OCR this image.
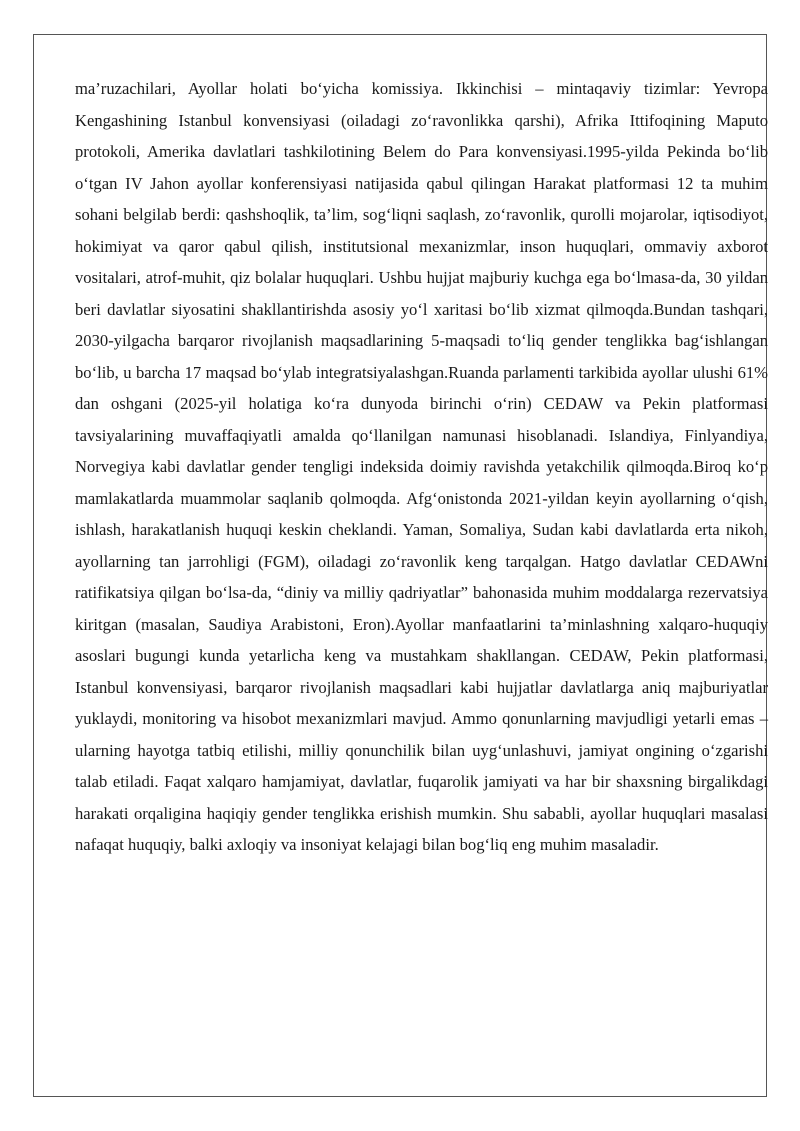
ma’ruzachilari, Ayollar holati bo‘yicha komissiya. Ikkinchisi – mintaqaviy tizimlar: Yevropa Kengashining Istanbul konvensiyasi (oiladagi zo‘ravonlikka qarshi), Afrika Ittifoqining Maputo protokoli, Amerika davlatlari tashkilotining Belem do Para konvensiyasi.1995-yilda Pekinda bo‘lib o‘tgan IV Jahon ayollar konferensiyasi natijasida qabul qilingan Harakat platformasi 12 ta muhim sohani belgilab berdi: qashshoqlik, ta’lim, sog‘liqni saqlash, zo‘ravonlik, qurolli mojarolar, iqtisodiyot, hokimiyat va qaror qabul qilish, institutsional mexanizmlar, inson huquqlari, ommaviy axborot vositalari, atrof-muhit, qiz bolalar huquqlari. Ushbu hujjat majburiy kuchga ega bo‘lmasa-da, 30 yildan beri davlatlar siyosatini shakllantirishda asosiy yo‘l xaritasi bo‘lib xizmat qilmoqda.Bundan tashqari, 2030-yilgacha barqaror rivojlanish maqsadlarining 5-maqsadi to‘liq gender tenglikka bag‘ishlangan bo‘lib, u barcha 17 maqsad bo‘ylab integratsiyalashgan.Ruanda parlamenti tarkibida ayollar ulushi 61% dan oshgani (2025-yil holatiga ko‘ra dunyoda birinchi o‘rin) CEDAW va Pekin platformasi tavsiyalarining muvaffaqiyatli amalda qo‘llanilgan namunasi hisoblanadi. Islandiya, Finlyandiya, Norvegiya kabi davlatlar gender tengligi indeksida doimiy ravishda yetakchilik qilmoqda.Biroq ko‘p mamlakatlarda muammolar saqlanib qolmoqda. Afg‘onistonda 2021-yildan keyin ayollarning o‘qish, ishlash, harakatlanish huquqi keskin cheklandi. Yaman, Somaliya, Sudan kabi davlatlarda erta nikoh, ayollarning tan jarrohligi (FGM), oiladagi zo‘ravonlik keng tarqalgan. Hatgo davlatlar CEDAWni ratifikatsiya qilgan bo‘lsa-da, “diniy va milliy qadriyatlar” bahonasida muhim moddalarga rezervatsiya kiritgan (masalan, Saudiya Arabistoni, Eron).Ayollar manfaatlarini ta’minlashning xalqaro-huquqiy asoslari bugungi kunda yetarlicha keng va mustahkam shakllangan. CEDAW, Pekin platformasi, Istanbul konvensiyasi, barqaror rivojlanish maqsadlari kabi hujjatlar davlatlarga aniq majburiyatlar yuklaydi, monitoring va hisobot mexanizmlari mavjud. Ammo qonunlarning mavjudligi yetarli emas – ularning hayotga tatbiq etilishi, milliy qonunchilik bilan uyg‘unlashuvi, jamiyat ongining o‘zgarishi talab etiladi. Faqat xalqaro hamjamiyat, davlatlar, fuqarolik jamiyati va har bir shaxsning birgalikdagi harakati orqaligina haqiqiy gender tenglikka erishish mumkin. Shu sababli, ayollar huquqlari masalasi nafaqat huquqiy, balki axloqiy va insoniyat kelajagi bilan bog‘liq eng muhim masaladir.
